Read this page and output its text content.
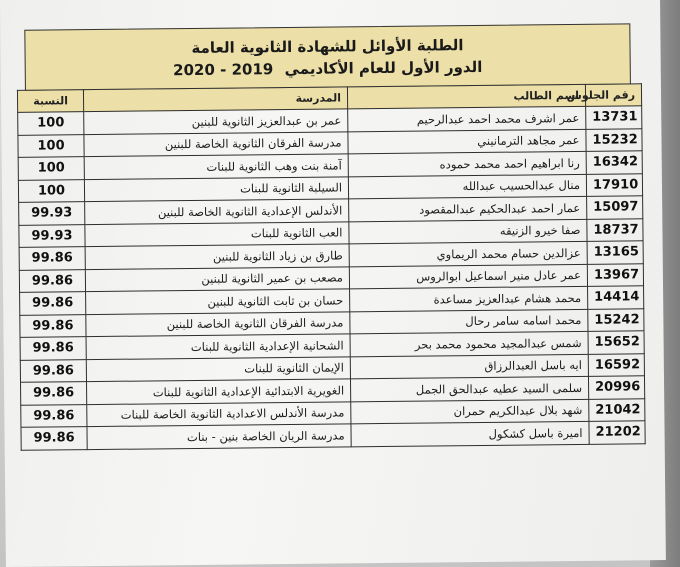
الطلبة الأوائل للشهادة الثانوية العامة
الدور الأول للعام الأكاديمي 2020 - 2019
النسبة	المدرسة	اسم الطالب	رقم الجلوس
100	عمر بن عبدالعزيز الثانوية للبنين	عمر اشرف محمد احمد عبدالرحيم	13731
100	مدرسة الفرقان الثانوية الخاصة للبنين	عمر مجاهد الترمانيني	15232
100	آمنة بنت وهب الثانوية للبنات	رنا ابراهيم احمد محمد حموده	16342
100	السيلبة الثانوية للبنات	منال عبدالحسيب عبدالله	17910
99.93	الأندلس الإعدادية الثانوية الخاصة للبنين	عمار احمد عبدالحكيم عبدالمقصود	15097
99.93	العب الثانوية للبنات	صفا خيرو الزنيقه	18737
99.86	طارق بن زياد الثانوية للبنين	عزالدين حسام محمد الريماوي	13165
99.86	مصعب بن عمير الثانوية للبنين	عمر عادل منير اسماعيل ابوالروس	13967
99.86	حسان بن ثابت الثانوية للبنين	محمد هشام عبدالعزيز مساعدة	14414
99.86	مدرسة الفرقان الثانوية الخاصة للبنين	محمد اسامه سامر رحال	15242
99.86	الشحانية الإعدادية الثانوية للبنات	شمس عبدالمجيد محمود محمد بحر	15652
99.86	الإيمان الثانوية للبنات	ايه باسل العبدالرزاق	16592
99.86	الغويرية الابتدائية الإعدادية الثانوية للبنات	سلمى السيد عطيه عبدالحق الجمل	20996
99.86	مدرسة الأندلس الاعدادية الثانوية الخاصة للبنات	شهد بلال عبدالكريم حمران	21042
99.86	مدرسة الريان الخاصة بنين - بنات	اميرة باسل كشكول	21202
